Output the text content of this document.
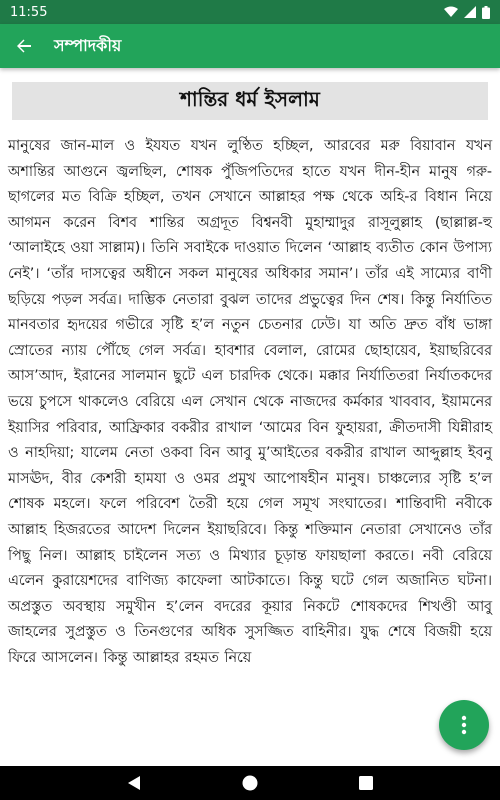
11:55
সম্পাদকীয়
শান্তির ধর্ম ইসলাম
মানুষের জান-মাল ও ইযযত যখন লুণ্ঠিত হচ্ছিল, আরবের মরু বিয়াবান যখন অশান্তির আগুনে জ্বলছিল, শোষক পুঁজিপতিদের হাতে যখন দীন-হীন মানুষ গরু-ছাগলের মত বিক্রি হচ্ছিল, তখন সেখানে আল্লাহর পক্ষ থেকে অহি-র বিধান নিয়ে আগমন করেন বিশব শান্তির অগ্রদূত বিশ্বনবী মুহাম্মাদুর রাসূলুল্লাহ (ছাল্লাল্ল-হু ‘আলাইহে ওয়া সাল্লাম)। তিনি সবাইকে দাওয়াত দিলেন ‘আল্লাহ ব্যতীত কোন উপাস্য নেই’। ‘তাঁর দাসত্বের অধীনে সকল মানুষের অধিকার সমান’। তাঁর এই সাম্যের বাণী ছড়িয়ে পড়ল সর্বত্র। দাম্ভিক নেতারা বুঝল তাদের প্রভুত্বের দিন শেষ। কিন্তু নির্যাতিত মানবতার হৃদয়ের গভীরে সৃষ্টি হ’ল নতুন চেতনার ঢেউ। যা অতি দ্রুত বাঁধ ভাঙ্গা স্রোতের ন্যায় পৌঁছে গেল সর্বত্র। হাবশার বেলাল, রোমের ছোহায়েব, ইয়াছরিবের আস’আদ, ইরানের সালমান ছুটে এল চারদিক থেকে। মক্কার নির্যাতিতরা নির্যাতকদের ভয়ে চুপসে থাকলেও বেরিয়ে এল সেখান থেকে নাজদের কর্মকার খাববাব, ইয়ামনের ইয়াসির পরিবার, আফ্রিকার বকরীর রাখাল ‘আমের বিন ফুহায়রা, ক্রীতদাসী যিন্নীরাহ ও নাহদিয়া; যালেম নেতা ওকবা বিন আবু মু’আইতের বকরীর রাখাল আব্দুল্লাহ ইবনু মাসঊদ, বীর কেশরী হামযা ও ওমর প্রমুখ আপোষহীন মানুষ। চাঞ্চল্যের সৃষ্টি হ’ল শোষক মহলে। ফলে পরিবেশ তৈরী হয়ে গেল সমূখ সংঘাতের। শান্তিবাদী নবীকে আল্লাহ হিজরতের আদেশ দিলেন ইয়াছরিবে। কিন্তু শক্তিমান নেতারা সেখানেও তাঁর পিছু নিল। আল্লাহ চাইলেন সত্য ও মিথ্যার চূড়ান্ত ফায়ছালা করতে। নবী বেরিয়ে এলেন কুরায়েশদের বাণিজ্য কাফেলা আটকাতে। কিন্তু ঘটে গেল অজানিত ঘটনা। অপ্রস্তুত অবস্থায় সমুখীন হ’লেন বদরের কূয়ার নিকটে শোষকদের শিখণ্ডী আবু জাহলের সুপ্রস্তুত ও তিনগুণের অধিক সুসজ্জিত বাহিনীর। যুদ্ধ শেষে বিজয়ী হয়ে ফিরে আসলেন। কিন্তু আল্লাহর রহমত নিয়ে
